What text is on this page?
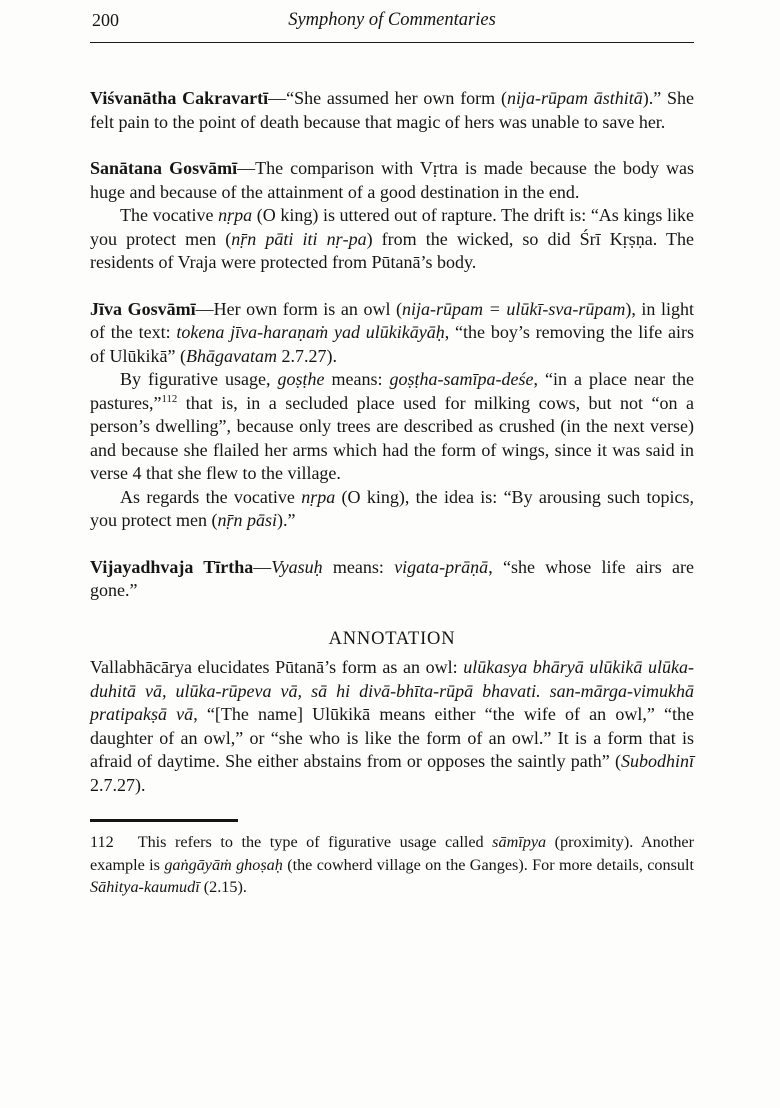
200	Symphony of Commentaries

Viśvanātha Cakravartī—“She assumed her own form (nija-rūpam āsthitā).” She felt pain to the point of death because that magic of hers was unable to save her.

Sanātana Gosvāmī—The comparison with Vṛtra is made because the body was huge and because of the attainment of a good destination in the end.

The vocative nṛpa (O king) is uttered out of rapture. The drift is: “As kings like you protect men (nṝn pāti iti nṛ-pa) from the wicked, so did Śrī Kṛṣṇa. The residents of Vraja were protected from Pūtanā’s body.

Jīva Gosvāmī—Her own form is an owl (nija-rūpam = ulūkī-sva-rūpam), in light of the text: tokena jīva-haraṇaṁ yad ulūkikāyāḥ, “the boy’s removing the life airs of Ulūkikā” (Bhāgavatam 2.7.27).

By figurative usage, goṣṭhe means: goṣṭha-samīpa-deśe, “in a place near the pastures,”$^{112}$ that is, in a secluded place used for milking cows, but not “on a person’s dwelling”, because only trees are described as crushed (in the next verse) and because she flailed her arms which had the form of wings, since it was said in verse 4 that she flew to the village.

As regards the vocative nṛpa (O king), the idea is: “By arousing such topics, you protect men (nṝn pāsi).”

Vijayadhvaja Tīrtha—Vyasuḥ means: vigata-prāṇā, “she whose life airs are gone.”

ANNOTATION

Vallabhācārya elucidates Pūtanā’s form as an owl: ulūkasya bhāryā ulūkikā ulūka-duhitā vā, ulūka-rūpeva vā, sā hi divā-bhīta-rūpā bhavati. san-mārga-vimukhā pratipakṣā vā, “[The name] Ulūkikā means either “the wife of an owl,” “the daughter of an owl,” or “she who is like the form of an owl.” It is a form that is afraid of daytime. She either abstains from or opposes the saintly path” (Subodhinī 2.7.27).

112 This refers to the type of figurative usage called sāmīpya (proximity). Another example is gaṅgāyāṁ ghoṣaḥ (the cowherd village on the Ganges). For more details, consult Sāhitya-kaumudī (2.15).
